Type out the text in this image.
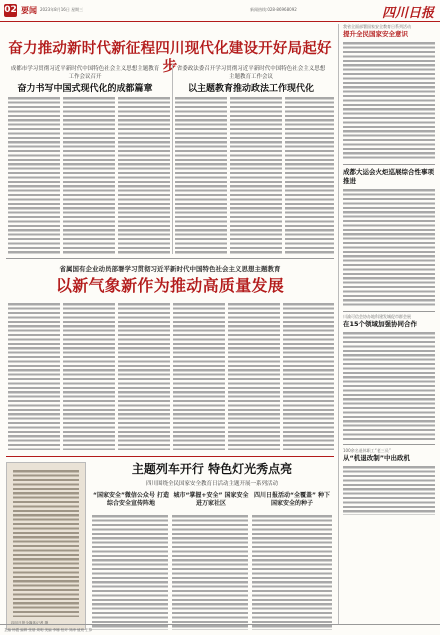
02 要闻 2023年8月16日 星期三	新闻热线:028-86968092	四川日报
奋力推动新时代新征程四川现代化建设开好局起好步
成都市学习贯彻习近平新时代中国特色社会主义思想主题教育工作会议召开
奋力书写中国式现代化的成都篇章
省委政法委召开学习贯彻习近平新时代中国特色社会主义思想主题教育工作会议
以主题教育推动政法工作现代化
省属国有企业动员部署学习贯彻习近平新时代中国特色社会主义思想主题教育
以新气象新作为推动高质量发展
四川日报全媒体记者 摄
主题列车开行 特色灯光秀点亮
四川围绕全民国家安全教育日活动主题开展一系列活动
“国家安全”微信公众号 打造综合安全宣传阵地
城市“掌握+安全” 国家安全进万家社区
四川日报活动“全覆盖” 种下国家安全的种子
我省全面部署国家安全教育日系列活动
提升全民国家安全意识
成都大运会火炬巡展综合性事项推进
川渝可信会协办地科建发城促市群会展
在15个领域加强协同合作
100余名退休职工“老三员”
从“机退改制”中出政机
主编 杨霞 编辑 张瑞 周明 美编 李娜 校对 刘涛 值班 王锋
